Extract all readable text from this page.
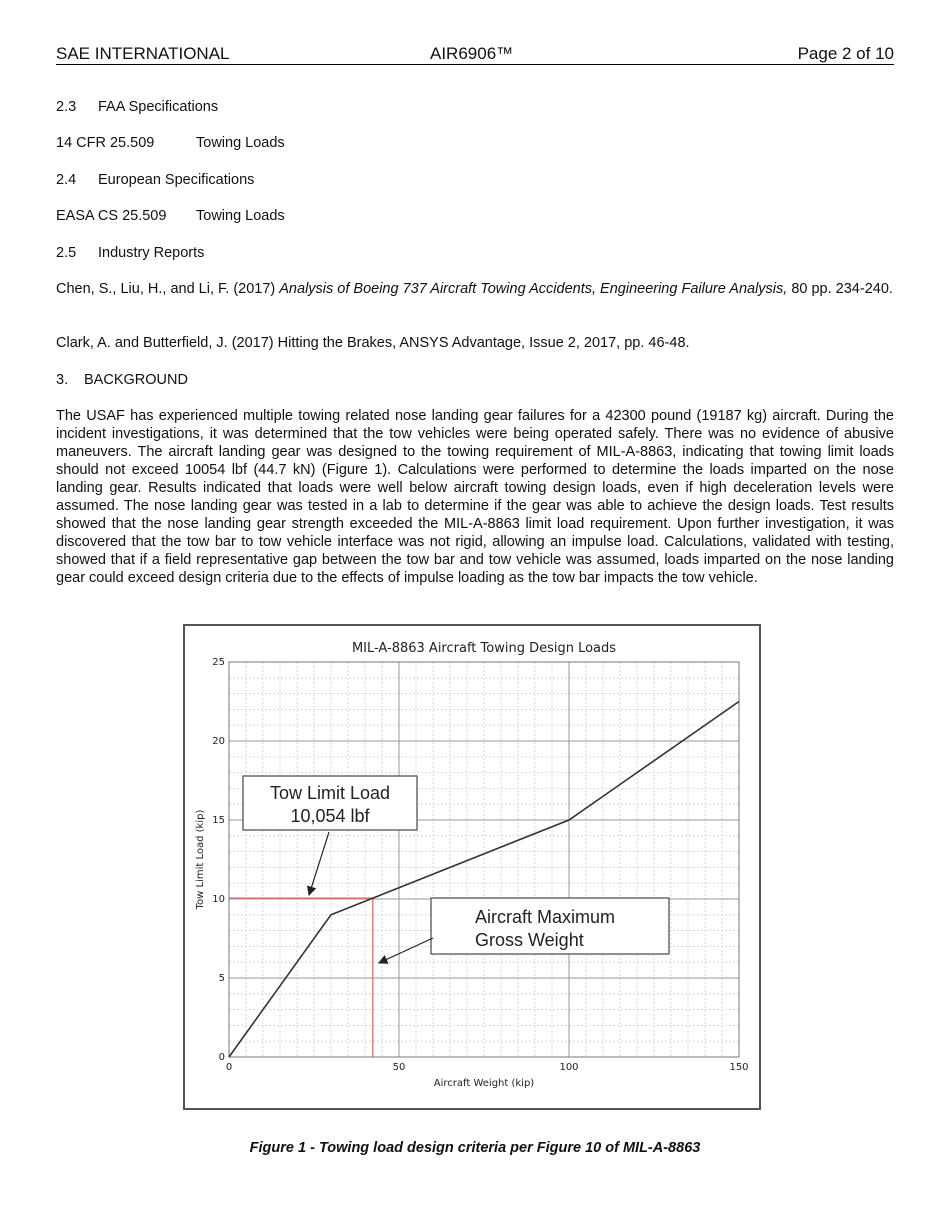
SAE INTERNATIONAL	AIR6906™	Page 2 of 10
2.3 FAA Specifications
14 CFR 25.509	Towing Loads
2.4 European Specifications
EASA CS 25.509 Towing Loads
2.5 Industry Reports
Chen, S., Liu, H., and Li, F. (2017) Analysis of Boeing 737 Aircraft Towing Accidents, Engineering Failure Analysis, 80 pp. 234-240.
Clark, A. and Butterfield, J. (2017) Hitting the Brakes, ANSYS Advantage, Issue 2, 2017, pp. 46-48.
3. BACKGROUND
The USAF has experienced multiple towing related nose landing gear failures for a 42300 pound (19187 kg) aircraft. During the incident investigations, it was determined that the tow vehicles were being operated safely. There was no evidence of abusive maneuvers. The aircraft landing gear was designed to the towing requirement of MIL-A-8863, indicating that towing limit loads should not exceed 10054 lbf (44.7 kN) (Figure 1). Calculations were performed to determine the loads imparted on the nose landing gear. Results indicated that loads were well below aircraft towing design loads, even if high deceleration levels were assumed. The nose landing gear was tested in a lab to determine if the gear was able to achieve the design loads. Test results showed that the nose landing gear strength exceeded the MIL-A-8863 limit load requirement. Upon further investigation, it was discovered that the tow bar to tow vehicle interface was not rigid, allowing an impulse load. Calculations, validated with testing, showed that if a field representative gap between the tow bar and tow vehicle was assumed, loads imparted on the nose landing gear could exceed design criteria due to the effects of impulse loading as the tow bar impacts the tow vehicle.
0	50	100	150
0
5
10
15
20
25
MIL-A-8863 Aircraft Towing Design Loads
Aircraft Weight (kip)
Tow Limit Load (kip)
Tow Limit Load
10,054 lbf
Aircraft Maximum
Gross Weight
Figure 1 - Towing load design criteria per Figure 10 of MIL-A-8863
